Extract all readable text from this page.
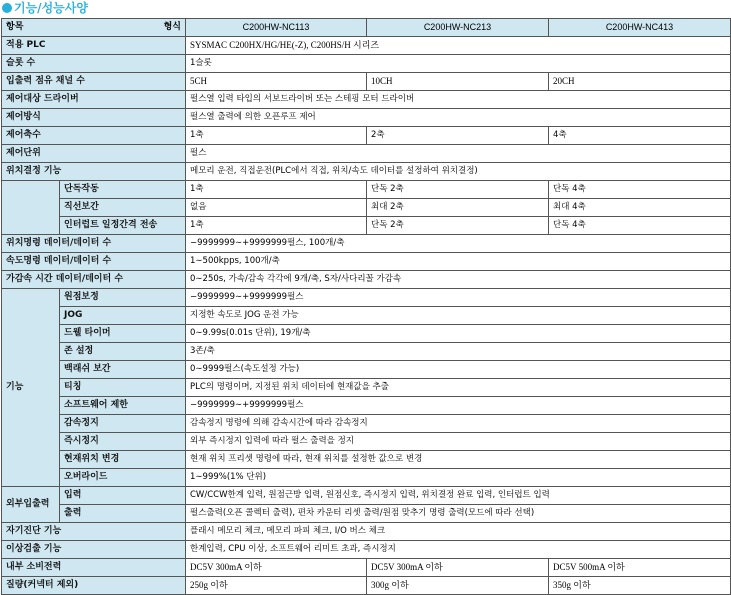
기능/성능사양
항목 형식		C200HW-NC113	C200HW-NC213	C200HW-NC413
적용 PLC		SYSMAC C200HX/HG/HE(-Z), C200HS/H 시리즈		
슬롯 수		1슬롯		
입출력 점유 채널 수		5CH	10CH	20CH
제어대상 드라이버		펄스열 입력 타입의 서보드라이버 또는 스테핑 모터 드라이버		
제어방식		펄스열 출력에 의한 오픈루프 제어		
제어축수		1축	2축	4축
제어단위		펄스		
위치결정 기능		메모리 운전, 직접운전(PLC에서 직접, 위치/속도 데이터를 설정하여 위치결정)		
	단독작동	1축	단독 2축	단독 4축
	직선보간	없음	최대 2축	최대 4축
	인터럽트 일정간격 전송	1축	단독 2축	단독 4축
위치명령 데이터/데이터 수		−9999999∼+9999999펄스, 100개/축		
속도명령 데이터/데이터 수		1∼500kpps, 100개/축		
가감속 시간 데이터/데이터 수		0∼250s, 가속/감속 각각에 9개/축, S자/사다리꼴 가감속		
기능	원점보정	−9999999∼+9999999펄스		
	JOG	지정한 속도로 JOG 운전 가능		
	드웰 타이머	0∼9.99s(0.01s 단위), 19개/축		
	존 설정	3존/축		
	백래쉬 보간	0∼9999펄스(속도설정 가능)		
	티칭	PLC의 명령이며, 지정된 위치 데이터에 현재값을 추출		
	소프트웨어 제한	−9999999∼+9999999펄스		
	감속정지	감속정지 명령에 의해 감속시간에 따라 감속정지		
	즉시정지	외부 즉시정지 입력에 따라 펄스 출력을 정지		
	현재위치 변경	현재 위치 프리셋 명령에 따라, 현재 위치를 설정한 값으로 변경		
	오버라이드	1∼999%(1% 단위)		
외부입출력	입력	CW/CCW한계 입력, 원점근방 입력, 원점신호, 즉시정지 입력, 위치결정 완료 입력, 인터럽트 입력		
	출력	펄스출력(오픈 콜렉터 출력), 편차 카운터 리셋 출력/원점 맞추기 명령 출력(모드에 따라 선택)		
자기진단 기능		플래시 메모리 체크, 메모리 파피 체크, I/O 버스 체크		
이상검출 기능		한계입력, CPU 이상, 소프트웨어 리미트 초과, 즉시정지		
내부 소비전력		DC5V 300mA 이하	DC5V 300mA 이하	DC5V 500mA 이하
질량(커넥터 제외)		250g 이하	300g 이하	350g 이하
